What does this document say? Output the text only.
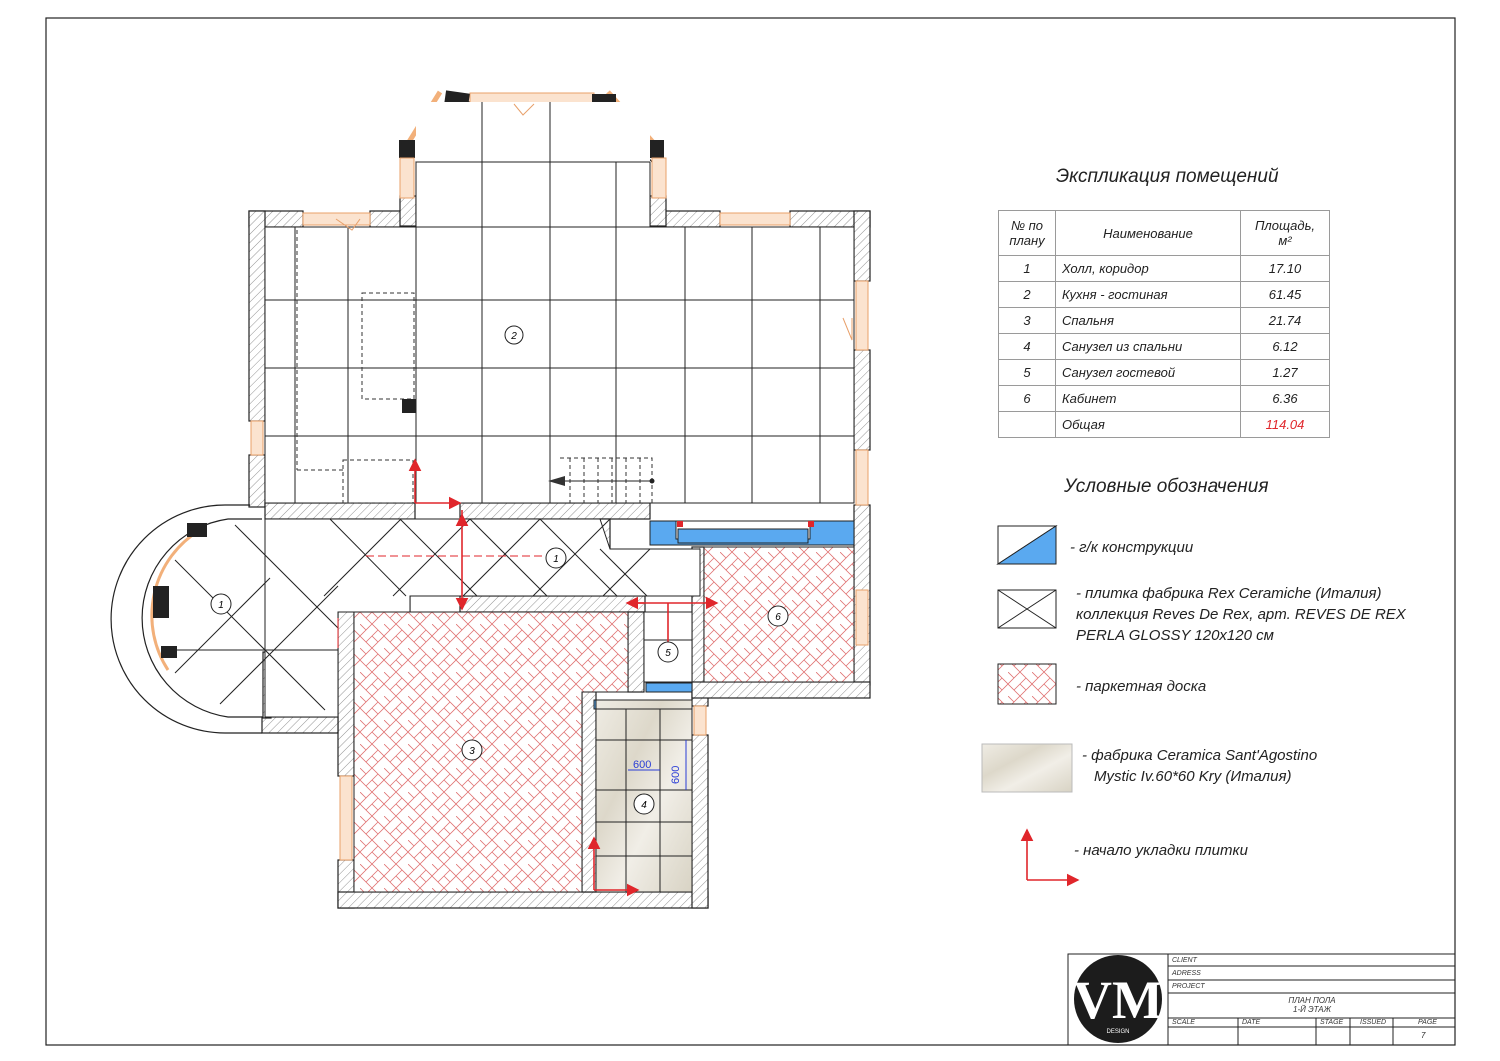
600
600
2
1
1
3
4
5
6
VM
DESIGN
Экспликация помещений
№ по плану	Наименование	Площадь, м²
1	Холл, коридор	17.10
2	Кухня - гостиная	61.45
3	Спальня	21.74
4	Санузел из спальни	6.12
5	Санузел гостевой	1.27
6	Кабинет	6.36
	Общая	114.04
Условные обозначения
- г/к конструкции
- плитка фабрика Rex Ceramiche (Италия)
коллекция Reves De Rex, арт. REVES DE REX
PERLA GLOSSY 120x120 см
- паркетная доска
- фабрика Ceramica Sant'Agostino
Mystic Iv.60*60 Kry (Италия)
- начало укладки плитки
CLIENT
ADRESS
PROJECT
ПЛАН ПОЛА
1-Й ЭТАЖ
SCALE	DATE	STAGE ISSUED	PAGE
7
